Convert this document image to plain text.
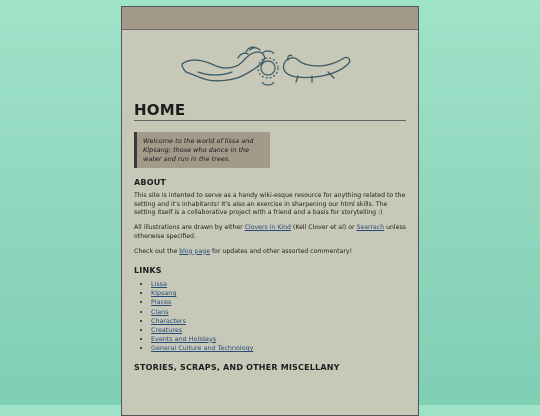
HOME
Welcome to the world of lissa and Klpsang; those who dance in the water and run in the trees.
ABOUT

This site is intented to serve as a handy wiki-esque resource for anything related to the setting and it's inhabitants! It's also an exercise in sharpening our html skills. The setting itself is a collaborative project with a friend and a basis for storytelling :)

All illustrations are drawn by either Clovers in Kind (Kell Clover et al) or Searrach unless otherwise specified.

Check out the blog page for updates and other assorted commentary!

LINKS
• Lissa
• Klpsang
• Places
• Clans
• Characters
• Creatures
• Events and Holidays
• General Culture and Technology
STORIES, SCRAPS, AND OTHER MISCELLANY
